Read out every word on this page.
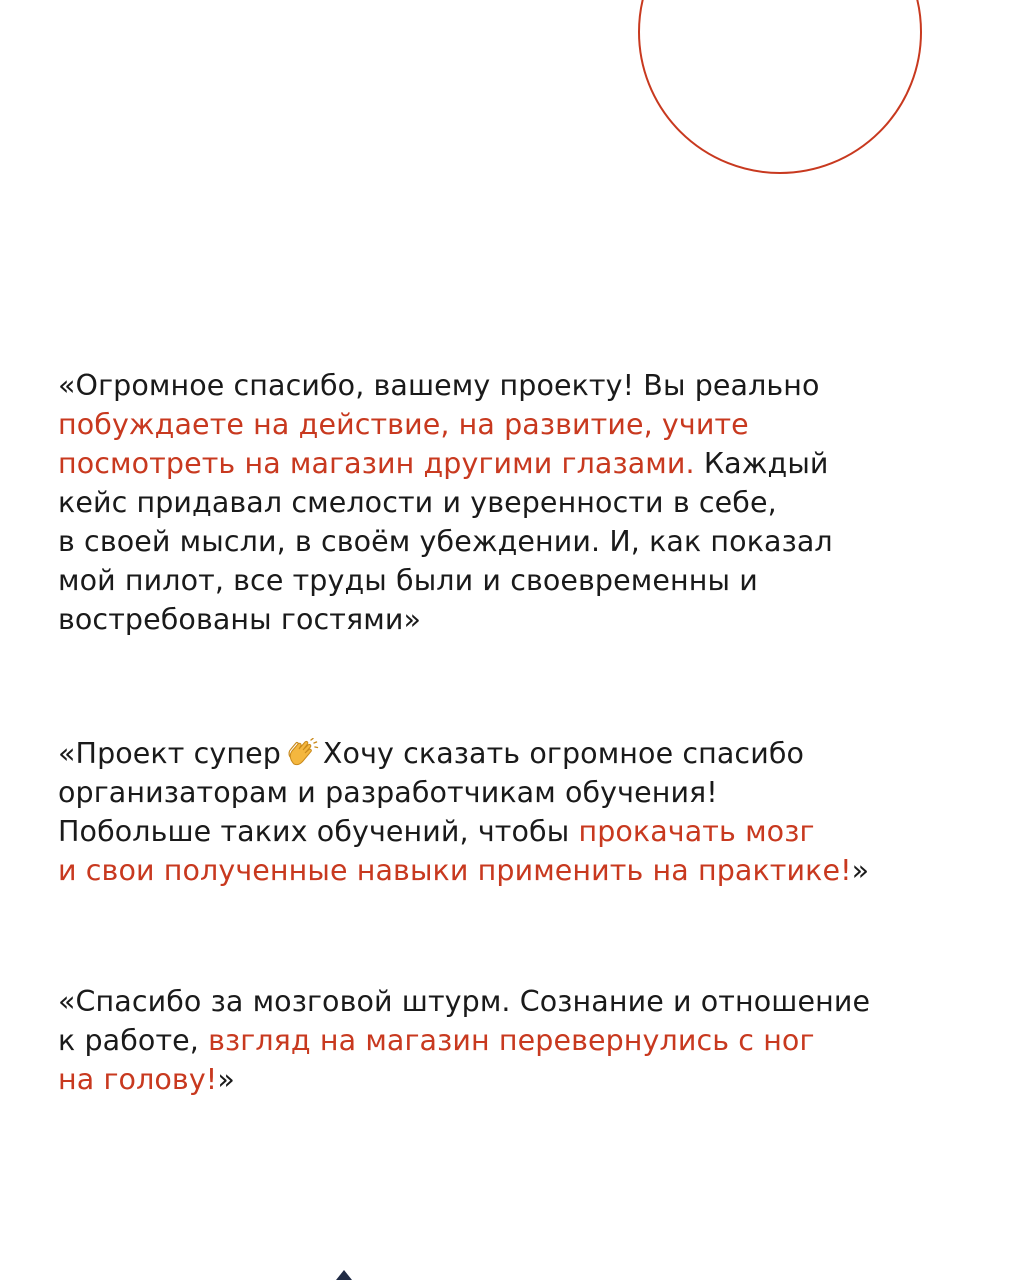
«Огромное спасибо, вашему проекту! Вы реально
побуждаете на действие, на развитие, учите
посмотреть на магазин другими глазами. Каждый
кейс придавал смелости и уверенности в себе,
в своей мысли, в своём убеждении. И, как показал
мой пилот, все труды были и своевременны и
востребованы гостями»

«Проект супер Хочу сказать огромное спасибо
организаторам и разработчикам обучения!
Побольше таких обучений, чтобы прокачать мозг
и свои полученные навыки применить на практике!»

«Спасибо за мозговой штурм. Сознание и отношение
к работе, взгляд на магазин перевернулись с ног
на голову!»
